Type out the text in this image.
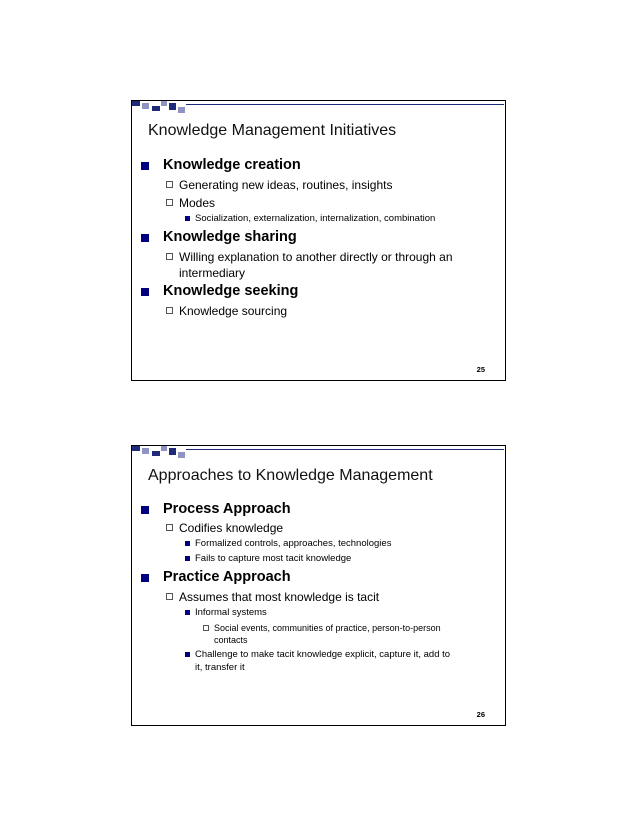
Knowledge Management Initiatives
Knowledge creation
Generating new ideas, routines, insights
Modes
Socialization, externalization, internalization, combination
Knowledge sharing
Willing explanation to another directly or through an
intermediary
Knowledge seeking
Knowledge sourcing
25
Approaches to Knowledge Management
Process Approach
Codifies knowledge
Formalized controls, approaches, technologies
Fails to capture most tacit knowledge
Practice Approach
Assumes that most knowledge is tacit
Informal systems
Social events, communities of practice, person-to-person
contacts
Challenge to make tacit knowledge explicit, capture it, add to
it, transfer it
26
